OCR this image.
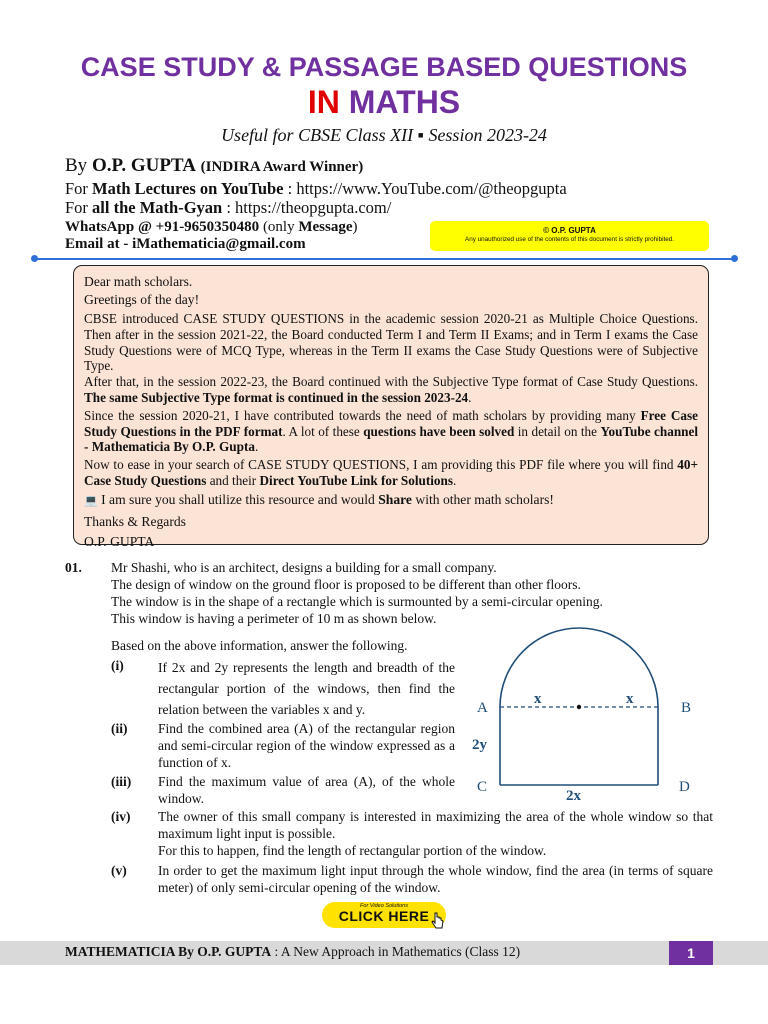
CASE STUDY & PASSAGE BASED QUESTIONS
IN MATHS
Useful for CBSE Class XII ▪ Session 2023-24
By O.P. GUPTA (INDIRA Award Winner)
For Math Lectures on YouTube : https://www.YouTube.com/@theopgupta
For all the Math-Gyan : https://theopgupta.com/
WhatsApp @ +91-9650350480 (only Message)
Email at - iMathematicia@gmail.com
© O.P. GUPTA
Any unauthorized use of the contents of this document is strictly prohibited.

Dear math scholars.

Greetings of the day!

CBSE introduced CASE STUDY QUESTIONS in the academic session 2020-21 as Multiple Choice Questions. Then after in the session 2021-22, the Board conducted Term I and Term II Exams; and in Term I exams the Case Study Questions were of MCQ Type, whereas in the Term II exams the Case Study Questions were of Subjective Type.

After that, in the session 2022-23, the Board continued with the Subjective Type format of Case Study Questions. The same Subjective Type format is continued in the session 2023-24.

Since the session 2020-21, I have contributed towards the need of math scholars by providing many Free Case Study Questions in the PDF format. A lot of these questions have been solved in detail on the YouTube channel - Mathematicia By O.P. Gupta.

Now to ease in your search of CASE STUDY QUESTIONS, I am providing this PDF file where you will find 40+ Case Study Questions and their Direct YouTube Link for Solutions.

💻 I am sure you shall utilize this resource and would Share with other math scholars!

Thanks & Regards

O.P. GUPTA

01. Mr Shashi, who is an architect, designs a building for a small company.
The design of window on the ground floor is proposed to be different than other floors.
The window is in the shape of a rectangle which is surmounted by a semi-circular opening.
This window is having a perimeter of 10 m as shown below.
Based on the above information, answer the following.
(i)	If 2x and 2y represents the length and breadth of the rectangular portion of the windows, then find the relation between the variables x and y.
(ii) Find the combined area (A) of the rectangular region and semi-circular region of the window expressed as a function of x.
(iii) Find the maximum value of area (A), of the whole window.
(iv) The owner of this small company is interested in maximizing the area of the whole window so that maximum light input is possible.
For this to happen, find the length of rectangular portion of the window.
(v) In order to get the maximum light input through the whole window, find the area (in terms of square meter) of only semi-circular opening of the window.
A	B
C	D
x	x
2y
2x
For Video Solutions
CLICK HERE
MATHEMATICIA By O.P. GUPTA : A New Approach in Mathematics (Class 12)	1
